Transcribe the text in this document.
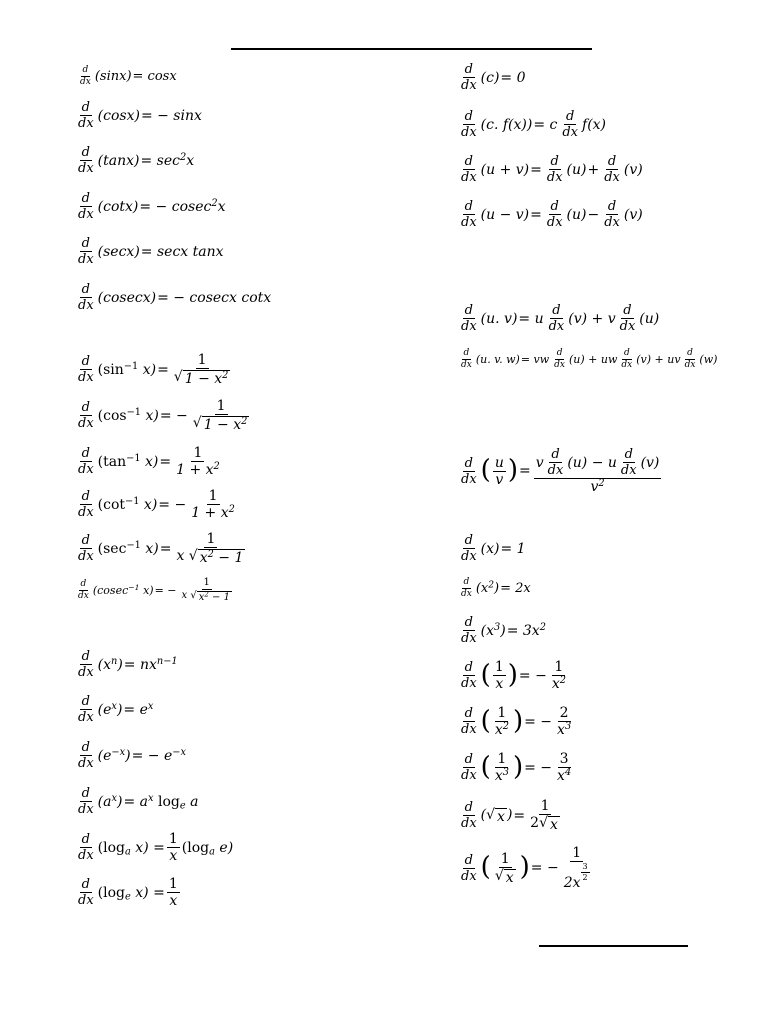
$\frac{d}{dx} (\sin x) = \cos x$
$\frac{d}{dx} (\cos x)$ = − sinx
$\frac{d}{dx} (\tan x) = \sec^2x$
$\frac{d}{dx} (\cot x)$ = − cosec$^2$x
$\frac{d}{dx} (\sec x) = \sec x$ tanx
$\frac{d}{dx} (cosecx)$ = − cosecx cotx
$\frac{d}{dx} (\sin^{-1}$ $x) = \frac{1}{√ 1 - x^2}$
$\frac{d}{dx} (\cos^{-1}$ x) = − $\frac{1}{√ 1 - x^2}$
$\frac{d}{dx} (\tan^{-1}$ $x) = \frac{1}{1 + x^2}$
$\frac{d}{dx} (\cot^{-1}$ x) = − $\frac{1}{1 + x^2}$
$\frac{d}{dx} (\sec^{-1}$ $x) = \frac{1}{x √ x^2 - 1}$
$\frac{d}{dx} (cosec^{-1}$ x) = − $\frac{1}{x √ x^2 - 1}$
$\frac{d}{dx} (x^n) = nx^{n-1}$
$\frac{d}{dx} (e^x) = e^x$
$\frac{d}{dx} (e^{-x})$ = − $e^{-x}$
$\frac{d}{dx} (a^x) = a^x$ $\log_e a$
$\frac{d}{dx} (\log_a$ $x) = \frac{1}{x} (\log_a$ e)
$\frac{d}{dx} (\log_e$ $x) = \frac{1}{x}$
$\frac{d}{dx} (c) = 0$
$\frac{d}{dx} (c$. f(x)) = c $\frac{d}{dx} f(x)$
$\frac{d}{dx} (u + v) = \frac{d}{dx} (u) + \frac{d}{dx} (v)$
$\frac{d}{dx} (u - v) = \frac{d}{dx} (u) - \frac{d}{dx} (v)$
$\frac{d}{dx} (u$. v) = u $\frac{d}{dx} (v) + v \frac{d}{dx} (u)$
$\frac{d}{dx} (u$. v. w) = vw $\frac{d}{dx} (u)$ + uw $\frac{d}{dx} (v)$ + uv $\frac{d}{dx} (w)$
$\frac{d}{dx}$ ( $\frac{u}{v}$ ) = $\frac{v \frac{d}{dx} (u) - u \frac{d}{dx} (v)}{v^2}$
$\frac{d}{dx} (x) = 1$
$\frac{d}{dx} (x^2) = 2x$
$\frac{d}{dx} (x^3) = 3x^2$
$\frac{d}{dx}$ ( $\frac{1}{x}$ ) = − $\frac{1}{x^2}$
$\frac{d}{dx}$ ( $\frac{1}{x^2}$ ) = − $\frac{2}{x^3}$
$\frac{d}{dx}$ ( $\frac{1}{x^3}$ ) = − $\frac{3}{x^4}$
$\frac{d}{dx}$ ( √ x ) = $\frac{1}{2 √ x}$
$\frac{d}{dx}$ ( $\frac{1}{√ x}$ ) = − 1
2x
$\frac{3}{2}$
